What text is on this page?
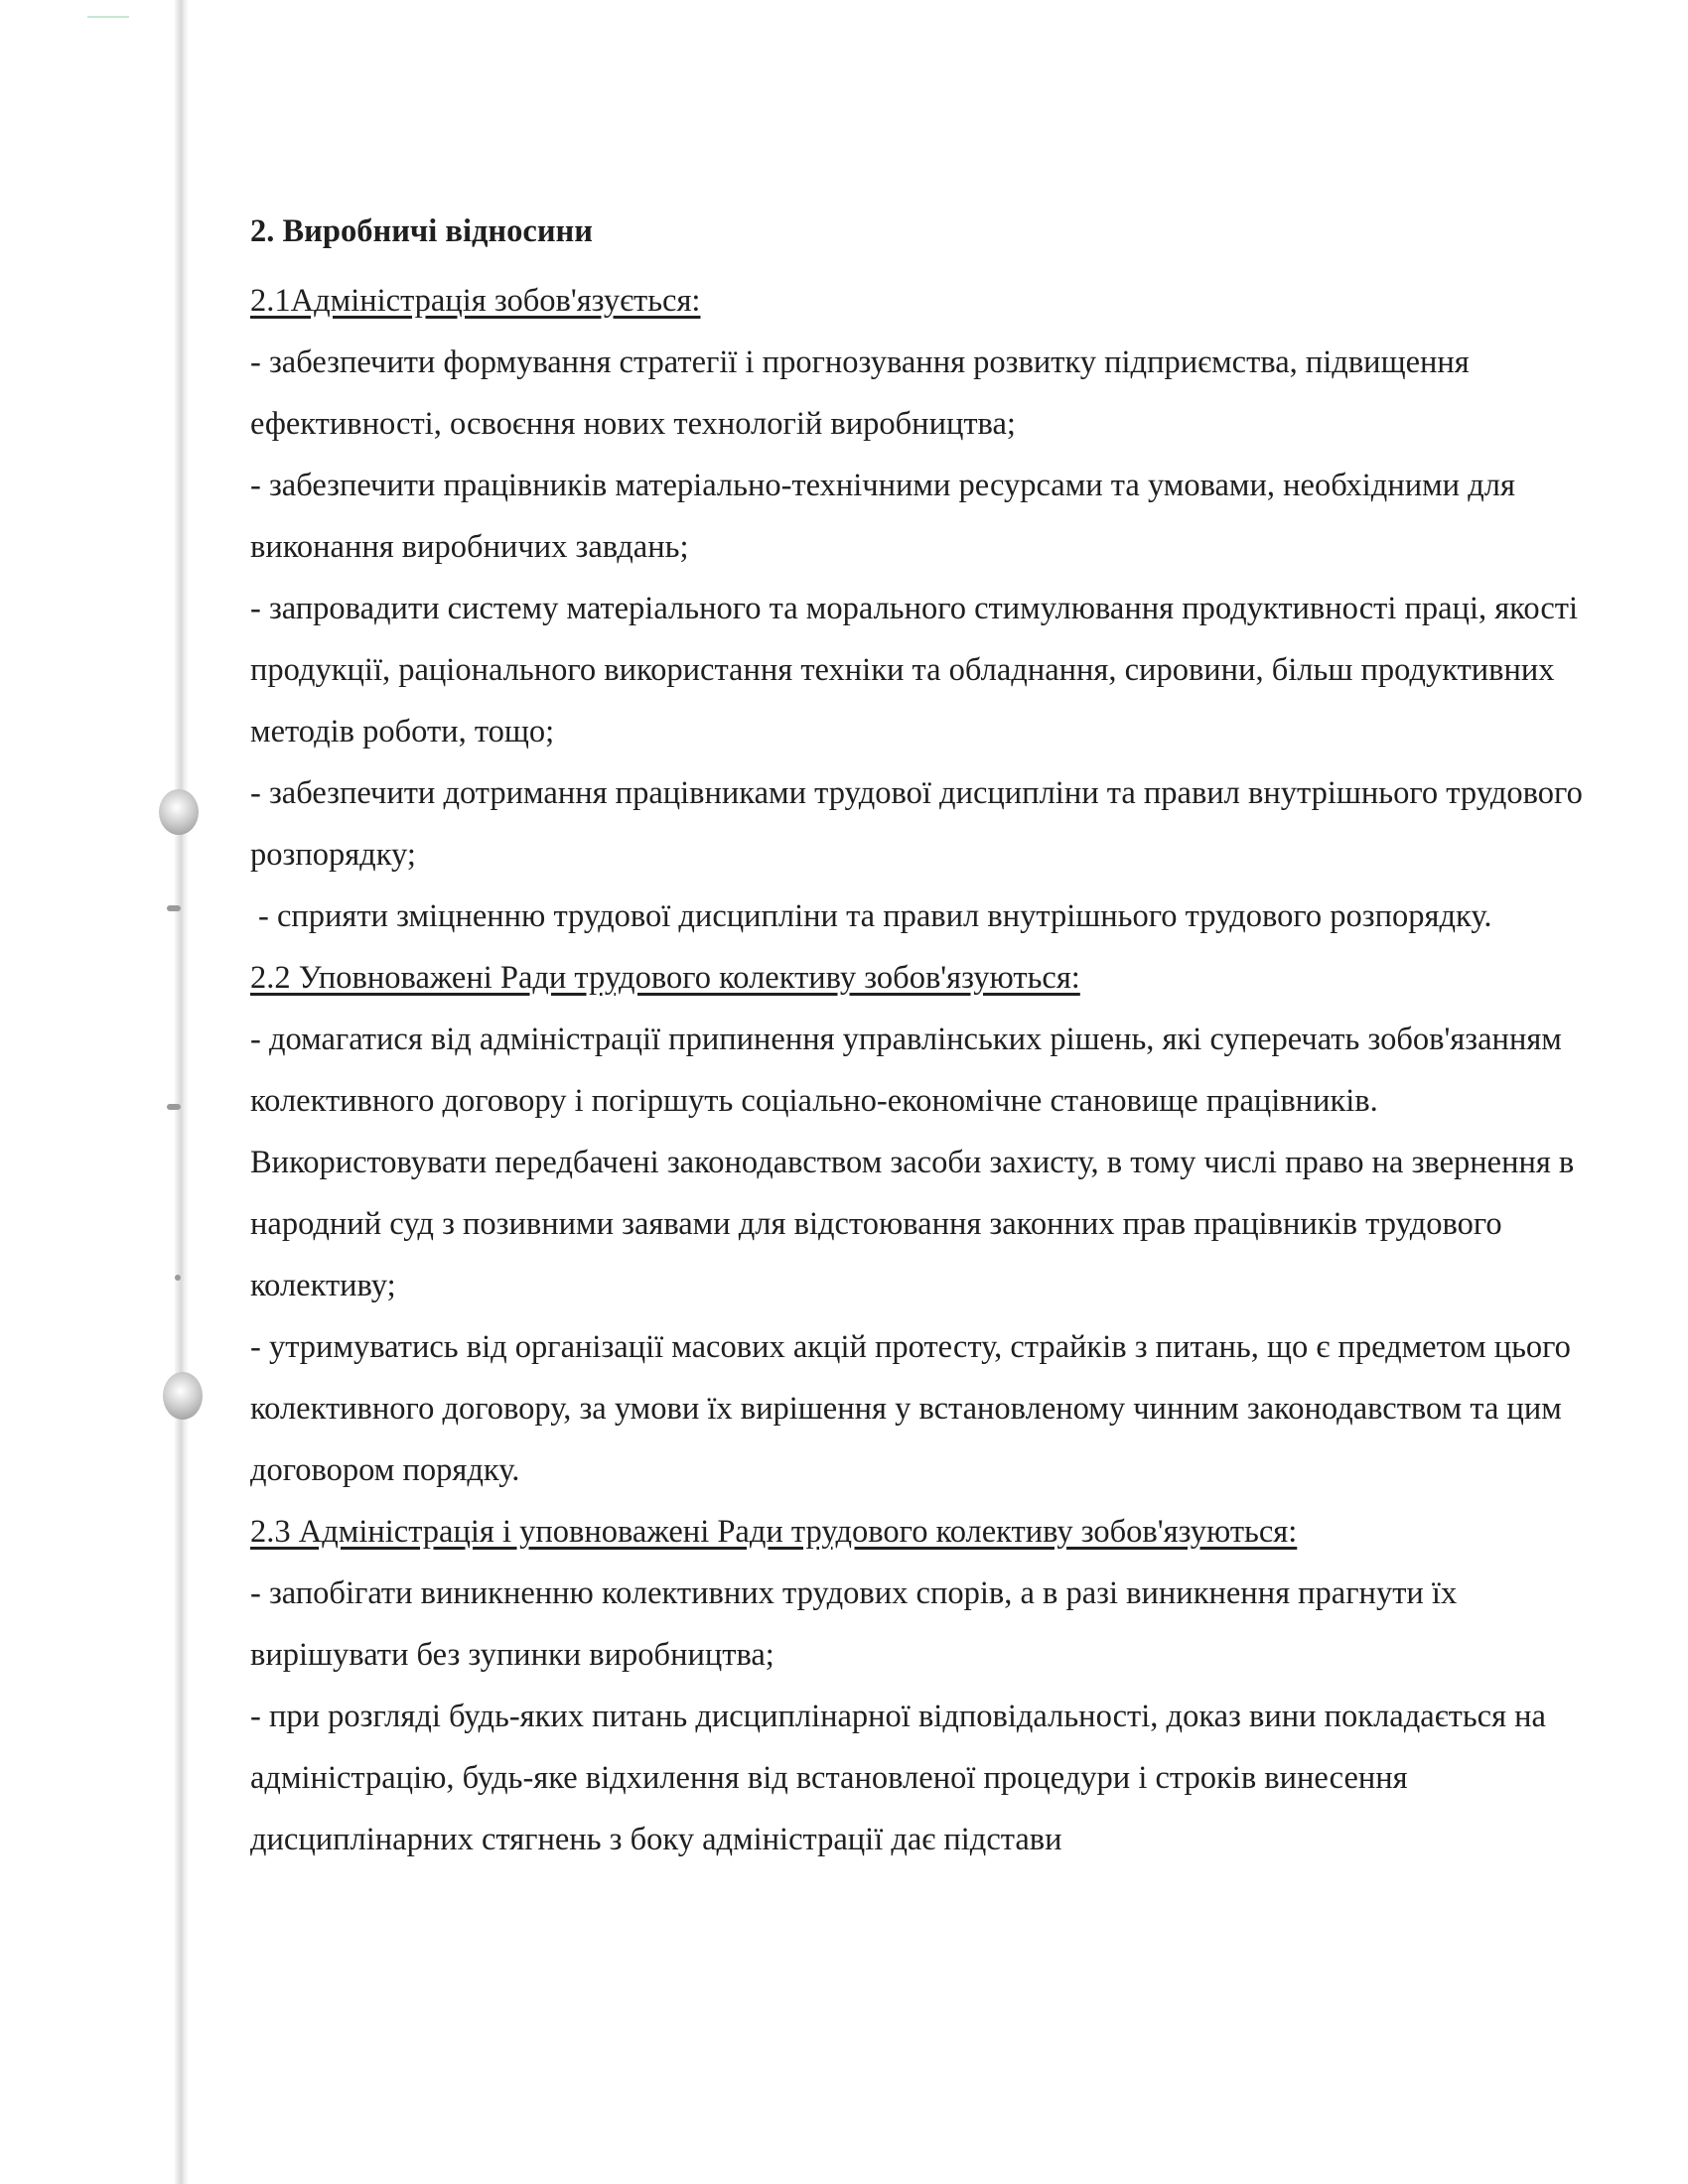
2. Виробничі відносини

2.1Адміністрація зобов'язується:

- забезпечити формування стратегії і прогнозування розвитку підприємства, підвищення ефективності, освоєння нових технологій виробництва;

- забезпечити працівників матеріально-технічними ресурсами та умовами, необхідними для виконання виробничих завдань;

- запровадити систему матеріального та морального стимулювання продуктивності праці, якості продукції, раціонального використання техніки та обладнання, сировини, більш продуктивних методів роботи, тощо;

- забезпечити дотримання працівниками трудової дисципліни та правил внутрішнього трудового розпорядку;

- сприяти зміцненню трудової дисципліни та правил внутрішнього трудового розпорядку.

2.2 Уповноважені Ради трудового колективу зобов'язуються:

- домагатися від адміністрації припинення управлінських рішень, які суперечать зобов'язанням колективного договору і погіршуть соціально-економічне становище працівників. Використовувати передбачені законодавством засоби захисту, в тому числі право на звернення в народний суд з позивними заявами для відстоювання законних прав працівників трудового колективу;

- утримуватись від організації масових акцій протесту, страйків з питань, що є предметом цього колективного договору, за умови їх вирішення у встановленому чинним законодавством та цим договором порядку.

2.3 Адміністрація і уповноважені Ради трудового колективу зобов'язуються:

- запобігати виникненню колективних трудових спорів, а в разі виникнення прагнути їх вирішувати без зупинки виробництва;

- при розгляді будь-яких питань дисциплінарної відповідальності, доказ вини покладається на адміністрацію, будь-яке відхилення від встановленої процедури і строків винесення дисциплінарних стягнень з боку адміністрації дає підстави
